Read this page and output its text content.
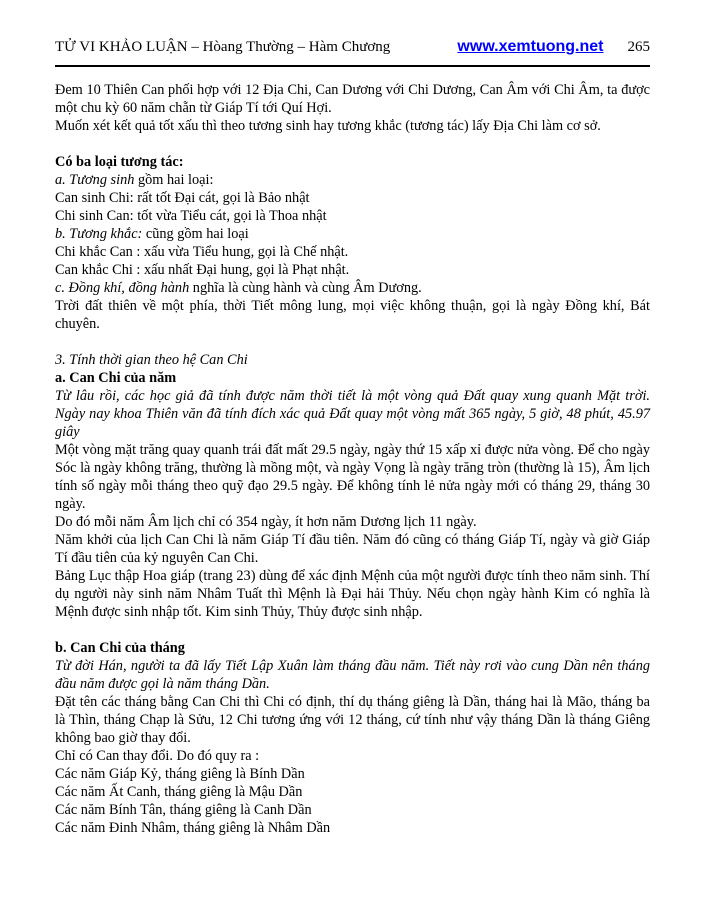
TỬ VI KHẢO LUẬN – Hòang Thường – Hàm Chương	www.xemtuong.net 265

Đem 10 Thiên Can phối hợp với 12 Địa Chi, Can Dương với Chi Dương, Can Âm với Chi Âm, ta được một chu kỳ 60 năm chẵn từ Giáp Tí tới Quí Hợi.

Muốn xét kết quả tốt xấu thì theo tương sinh hay tương khắc (tương tác) lấy Địa Chi làm cơ sở.

Có ba loại tương tác:

a. Tương sinh gồm hai loại:

Can sinh Chi: rất tốt Đại cát, gọi là Bảo nhật

Chi sinh Can: tốt vừa Tiểu cát, gọi là Thoa nhật

b. Tương khắc: cũng gồm hai loại

Chi khắc Can : xấu vừa Tiểu hung, gọi là Chế nhật.

Can khắc Chi : xấu nhất Đại hung, gọi là Phạt nhật.

c. Đồng khí, đồng hành nghĩa là cùng hành và cùng Âm Dương.

Trời đất thiên về một phía, thời Tiết mông lung, mọi việc không thuận, gọi là ngày Đồng khí, Bát chuyên.

3. Tính thời gian theo hệ Can Chi

a. Can Chi của năm

Từ lâu rồi, các học giả đã tính được năm thời tiết là một vòng quả Đất quay xung quanh Mặt trời. Ngày nay khoa Thiên văn đã tính đích xác quả Đất quay một vòng mất 365 ngày, 5 giờ, 48 phút, 45.97 giây

Một vòng mặt trăng quay quanh trái đất mất 29.5 ngày, ngày thứ 15 xấp xỉ được nửa vòng. Để cho ngày Sóc là ngày không trăng, thường là mồng một, và ngày Vọng là ngày trăng tròn (thường là 15), Âm lịch tính số ngày mỗi tháng theo quỹ đạo 29.5 ngày. Để không tính lẻ nửa ngày mới có tháng 29, tháng 30 ngày.

Do đó mỗi năm Âm lịch chỉ có 354 ngày, ít hơn năm Dương lịch 11 ngày.

Năm khởi của lịch Can Chi là năm Giáp Tí đầu tiên. Năm đó cũng có tháng Giáp Tí, ngày và giờ Giáp Tí đầu tiên của kỷ nguyên Can Chi.

Bảng Lục thập Hoa giáp (trang 23) dùng để xác định Mệnh của một người được tính theo năm sinh. Thí dụ người này sinh năm Nhâm Tuất thì Mệnh là Đại hải Thủy. Nếu chọn ngày hành Kim có nghĩa là Mệnh được sinh nhập tốt. Kim sinh Thủy, Thủy được sinh nhập.

b. Can Chi của tháng

Từ đời Hán, người ta đã lấy Tiết Lập Xuân làm tháng đầu năm. Tiết này rơi vào cung Dần nên tháng đầu năm được gọi là năm tháng Dần.

Đặt tên các tháng bằng Can Chi thì Chi có định, thí dụ tháng giêng là Dần, tháng hai là Mão, tháng ba là Thìn, tháng Chạp là Sửu, 12 Chi tương ứng với 12 tháng, cứ tính như vậy tháng Dần là tháng Giêng không bao giờ thay đổi.

Chỉ có Can thay đổi. Do đó quy ra :

Các năm Giáp Kỷ, tháng giêng là Bính Dần

Các năm Ất Canh, tháng giêng là Mậu Dần

Các năm Bính Tân, tháng giêng là Canh Dần

Các năm Đinh Nhâm, tháng giêng là Nhâm Dần
